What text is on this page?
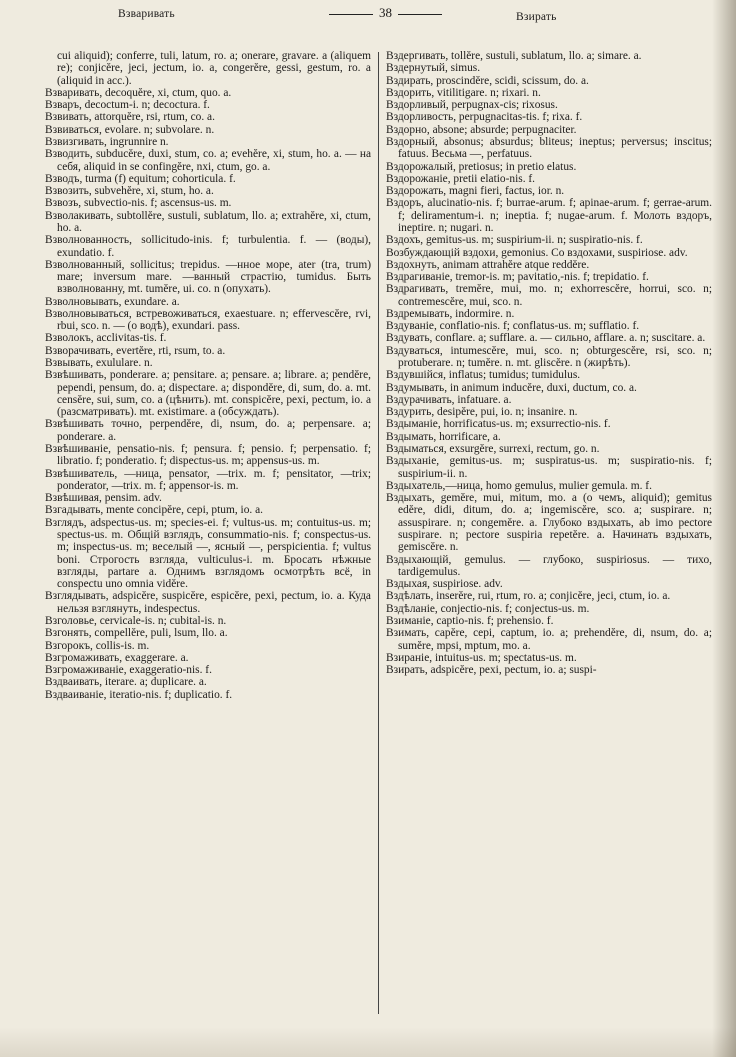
Взваривать	38	Взирать

cui aliquid); conferre, tuli, latum, ro. a; onerare, gravare. a (aliquem re); conjicĕre, jeci, jectum, io. a, congerĕre, gessi, gestum, ro. a (aliquid in acc.).

Взваривать, decoquĕre, xi, ctum, quo. a.

Взваръ, decoctum-i. n; decoctura. f.

Взвивать, attorquĕre, rsi, rtum, co. a.

Взвиваться, evolare. n; subvolare. n.

Взвизгивать, ingrunnire n.

Взводить, subducĕre, duxi, stum, co. a; evehĕre, xi, stum, ho. a. — на себя, aliquid in se confingĕre, nxi, ctum, go. a.

Взводъ, turma (f) equitum; cohorticula. f.

Взвозить, subvehĕre, xi, stum, ho. a.

Взвозъ, subvectio-nis. f; ascensus-us. m.

Взволакивать, subtollĕre, sustuli, sublatum, llo. a; extrahĕre, xi, ctum, ho. a.

Взволнованность, sollicitudo-inis. f; turbulentia. f. — (воды), exundatio. f.

Взволнованный, sollicitus; trepidus. —нное море, ater (tra, trum) mare; inversum mare. —ванный страстію, tumidus. Быть взволнованну, mt. tumĕre, ui. co. n (опухать).

Взволновывать, exundare. a.

Взволновываться, встревоживаться, exaestuare. n; effervescĕre, rvi, rbui, sco. n. — (о водѣ), exundari. pass.

Взволокъ, acclivitas-tis. f.

Взворачивать, evertĕre, rti, rsum, to. a.

Взвывать, exululare. n.

Взвѣшивать, ponderare. a; pensitare. a; pensare. a; librare. a; pendĕre, pependi, pensum, do. a; dispectare. a; dispondĕre, di, sum, do. a. mt. censĕre, sui, sum, co. a (цѣнить). mt. conspicĕre, pexi, pectum, io. a (разсматривать). mt. existimare. a (обсуждать).

Взвѣшивать точно, perpendĕre, di, nsum, do. a; perpensare. a; ponderare. a.

Взвѣшиваніе, pensatio-nis. f; pensura. f; pensio. f; perpensatio. f; libratio. f; ponderatio. f; dispectus-us. m; appensus-us. m.

Взвѣшиватель, —ница, pensator, —trix. m. f; pensitator, —trix; ponderator, —trix. m. f; appensor-is. m.

Взвѣшивая, pensim. adv.

Взгадывать, mente concipĕre, cepi, ptum, io. a.

Взглядъ, adspectus-us. m; species-ei. f; vultus-us. m; contuitus-us. m; spectus-us. m. Общій взглядъ, consummatio-nis. f; conspectus-us. m; inspectus-us. m; веселый —, ясный —, perspicientia. f; vultus boni. Строгость взгляда, vulticulus-i. m. Бросать нѣжные взгляды, partare a. Однимъ взглядомъ осмотрѣть всё, in conspectu uno omnia vidĕre.

Взглядывать, adspicĕre, suspicĕre, espicĕre, pexi, pectum, io. a. Куда нельзя взглянуть, indespectus.

Взголовье, cervicale-is. n; cubital-is. n.

Взгонять, compellĕre, puli, lsum, llo. a.

Взгорокъ, collis-is. m.

Взгромаживать, exaggerare. a.

Взгромаживаніе, exaggeratio-nis. f.

Вздваивать, iterare. a; duplicare. a.

Вздваиваніе, iteratio-nis. f; duplicatio. f.

Вздергивать, tollĕre, sustuli, sublatum, llo. a; simare. a.

Вздернутый, simus.

Вздирать, proscindĕre, scidi, scissum, do. a.

Вздорить, vitilitigare. n; rixari. n.

Вздорливый, perpugnax-cis; rixosus.

Вздорливость, perpugnacitas-tis. f; rixa. f.

Вздорно, absone; absurde; perpugnaciter.

Вздорный, absonus; absurdus; bliteus; ineptus; perversus; inscitus; fatuus. Весьма —, perfatuus.

Вздорожалый, pretiosus; in pretio elatus.

Вздорожаніе, pretii elatio-nis. f.

Вздорожать, magni fieri, factus, ior. n.

Вздоръ, alucinatio-nis. f; burrae-arum. f; apinae-arum. f; gerrae-arum. f; deliramentum-i. n; ineptia. f; nugae-arum. f. Молоть вздоръ, ineptire. n; nugari. n.

Вздохъ, gemitus-us. m; suspirium-ii. n; suspiratio-nis. f.

Возбуждающій вздохи, gemonius. Со вздохами, suspiriose. adv.

Вздохнуть, animam attrahĕre atque reddĕre.

Вздрагиваніе, tremor-is. m; pavitatio,-nis. f; trepidatio. f.

Вздрагивать, tremĕre, mui, mo. n; exhorrescĕre, horrui, sco. n; contremescĕre, mui, sco. n.

Вздремывать, indormire. n.

Вздуваніе, conflatio-nis. f; conflatus-us. m; sufflatio. f.

Вздувать, conflare. a; sufflare. a. — сильно, afflare. a. n; suscitare. a.

Вздуваться, intumescĕre, mui, sco. n; obturgescĕre, rsi, sco. n; protuberare. n; tumĕre. n. mt. gliscĕre. n (жирѣть).

Вздувшійся, inflatus; tumidus; tumidulus.

Вздумывать, in animum inducĕre, duxi, ductum, co. a.

Вздурачивать, infatuare. a.

Вздурить, desipĕre, pui, io. n; insanire. n.

Вздыманіе, horrificatus-us. m; exsurrectio-nis. f.

Вздымать, horrificare, a.

Вздыматься, exsurgĕre, surrexi, rectum, go. n.

Вздыханіе, gemitus-us. m; suspiratus-us. m; suspiratio-nis. f; suspirium-ii. n.

Вздыхатель,—ница, homo gemulus, mulier gemula. m. f.

Вздыхать, gemĕre, mui, mitum, mo. a (о чемъ, aliquid); gemitus edĕre, didi, ditum, do. a; ingemiscĕre, sco. a; suspirare. n; assuspirare. n; congemĕre. a. Глубоко вздыхать, ab imo pectore suspirare. n; pectore suspiria repetĕre. a. Начинать вздыхать, gemiscĕre. n.

Вздыхающій, gemulus. — глубоко, suspiriosus. — тихо, tardigemulus.

Вздыхая, suspiriose. adv.

Вздѣлать, inserĕre, rui, rtum, ro. a; conjicĕre, jeci, ctum, io. a.

Вздѣланіе, conjectio-nis. f; conjectus-us. m.

Взиманіе, captio-nis. f; prehensio. f.

Взимать, capĕre, cepi, captum, io. a; prehendĕre, di, nsum, do. a; sumĕre, mpsi, mptum, mo. a.

Взираніе, intuitus-us. m; spectatus-us. m.

Взирать, adspicĕre, pexi, pectum, io. a; suspi-
